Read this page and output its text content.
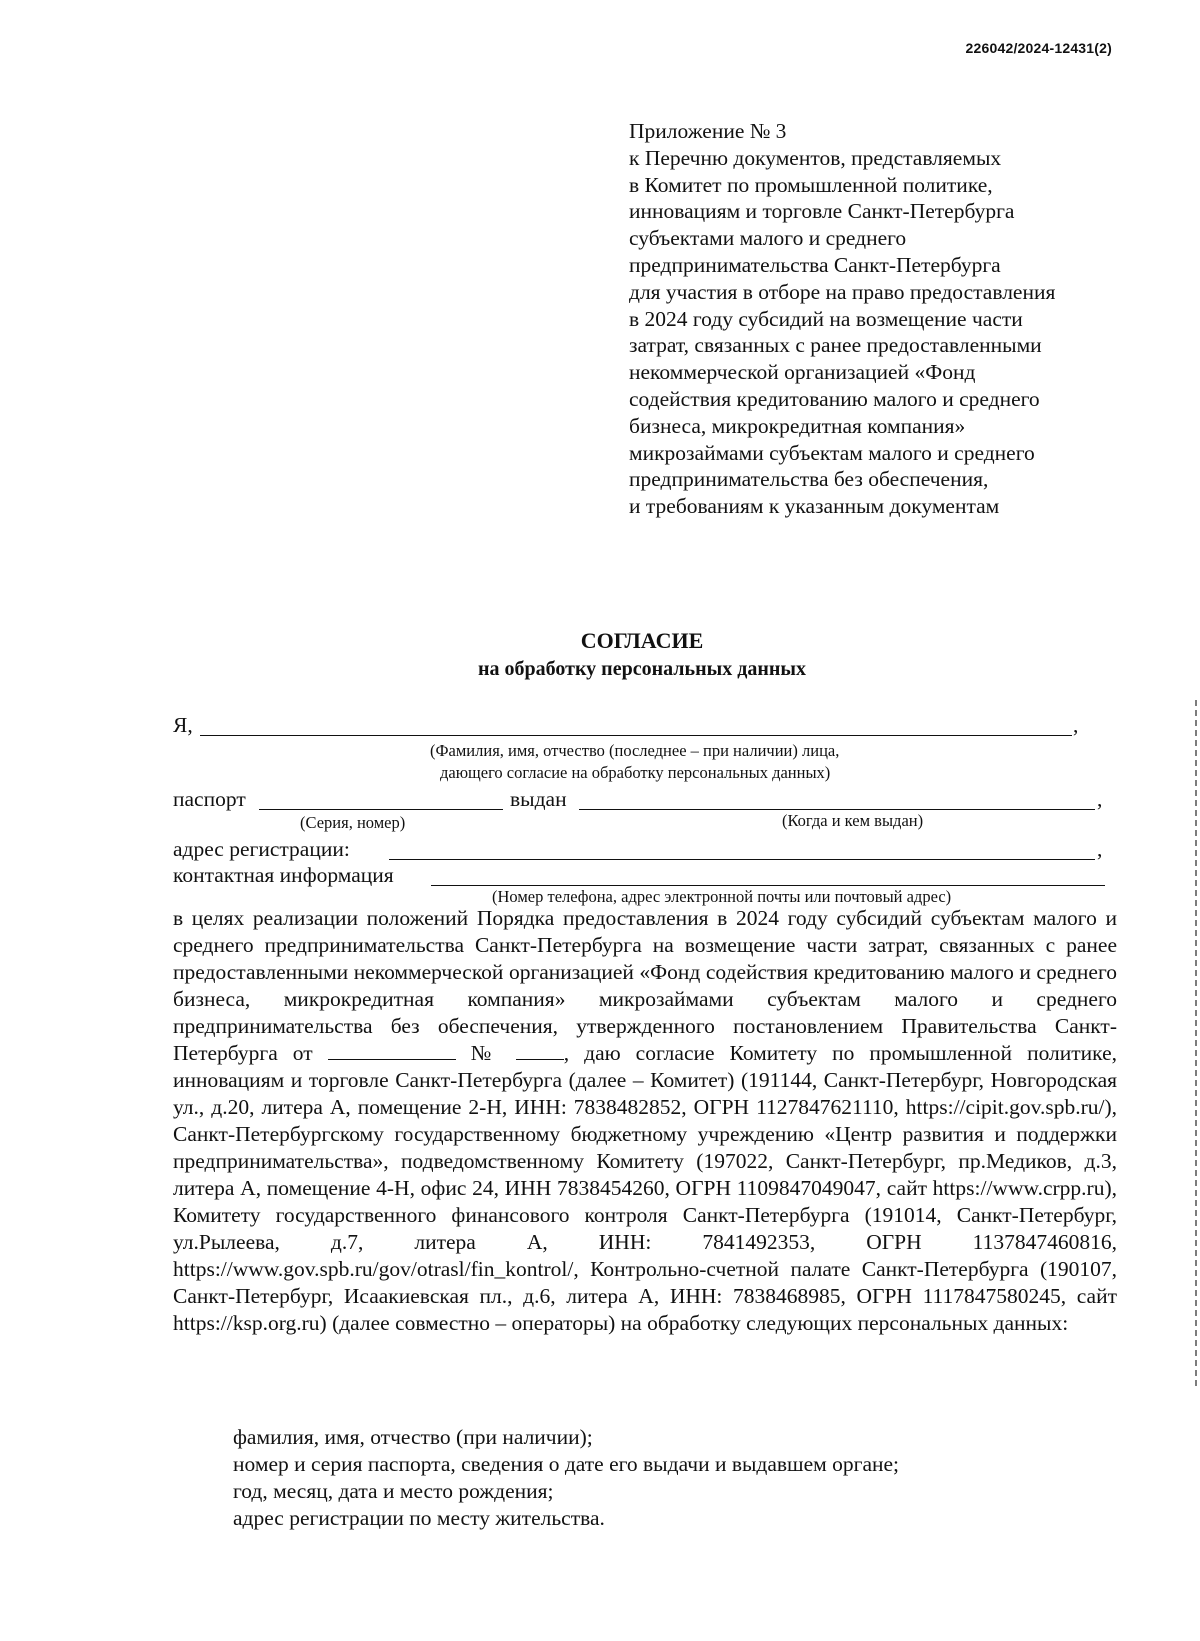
226042/2024-12431(2)
Приложение № 3
к Перечню документов, представляемых
в Комитет по промышленной политике,
инновациям и торговле Санкт-Петербурга
субъектами малого и среднего
предпринимательства Санкт-Петербурга
для участия в отборе на право предоставления
в 2024 году субсидий на возмещение части
затрат, связанных с ранее предоставленными
некоммерческой организацией «Фонд
содействия кредитованию малого и среднего
бизнеса, микрокредитная компания»
микрозаймами субъектам малого и среднего
предпринимательства без обеспечения,
и требованиям к указанным документам
СОГЛАСИЕ
на обработку персональных данных
Я,	,
(Фамилия, имя, отчество (последнее – при наличии) лица,
дающего согласие на обработку персональных данных)
паспорт	выдан	,
(Серия, номер)	(Когда и кем выдан)
адрес регистрации:	,
контактная информация
(Номер телефона, адрес электронной почты или почтовый адрес)

в целях реализации положений Порядка предоставления в 2024 году субсидий субъектам малого и среднего предпринимательства Санкт-Петербурга на возмещение части затрат, связанных с ранее предоставленными некоммерческой организацией «Фонд содействия кредитованию малого и среднего бизнеса, микрокредитная компания» микрозаймами субъектам малого и среднего предпринимательства без обеспечения, утвержденного постановлением Правительства Санкт-Петербурга от	№	, даю согласие Комитету по промышленной политике, инновациям и торговле Санкт-Петербурга (далее – Комитет) (191144, Санкт-Петербург, Новгородская ул., д.20, литера А, помещение 2-Н, ИНН: 7838482852, ОГРН 1127847621110, https://cipit.gov.spb.ru/), Санкт-Петербургскому государственному бюджетному учреждению «Центр развития и поддержки предпринимательства», подведомственному Комитету (197022, Санкт-Петербург, пр.Медиков, д.3, литера А, помещение 4-Н, офис 24, ИНН 7838454260, ОГРН 1109847049047, сайт https://www.crpp.ru), Комитету государственного финансового контроля Санкт-Петербурга (191014, Санкт-Петербург, ул.Рылеева, д.7, литера А, ИНН: 7841492353, ОГРН 1137847460816, https://www.gov.spb.ru/gov/otrasl/fin_kontrol/, Контрольно-счетной палате Санкт-Петербурга (190107, Санкт-Петербург, Исаакиевская пл., д.6, литера А, ИНН: 7838468985, ОГРН 1117847580245, сайт https://ksp.org.ru) (далее совместно – операторы) на обработку следующих персональных данных:

фамилия, имя, отчество (при наличии);
номер и серия паспорта, сведения о дате его выдачи и выдавшем органе;
год, месяц, дата и место рождения;
адрес регистрации по месту жительства.
